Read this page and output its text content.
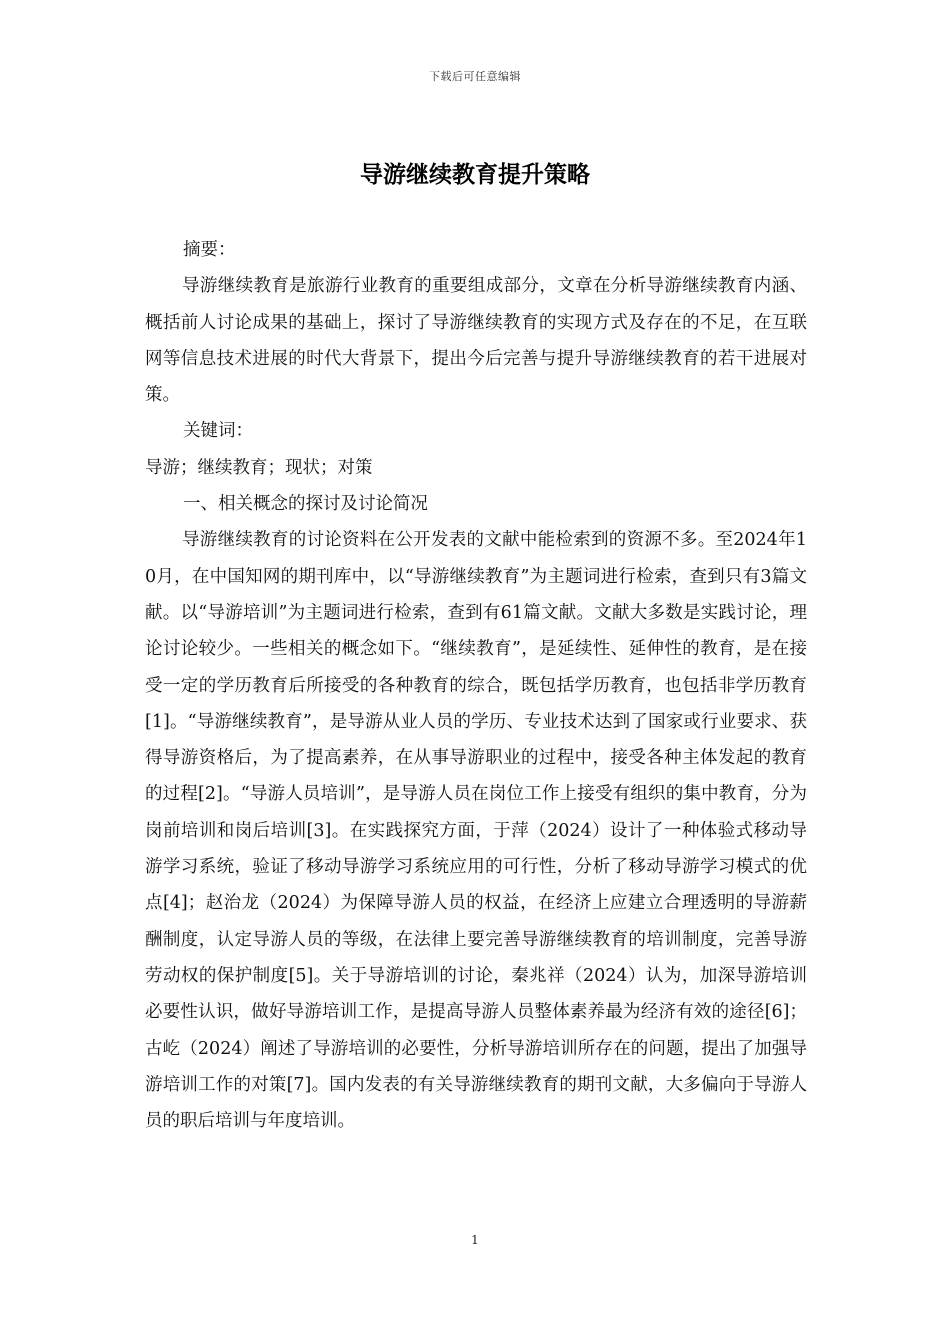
下载后可任意编辑
导游继续教育提升策略

摘要：

导游继续教育是旅游行业教育的重要组成部分，文章在分析导游继续教育内涵、概括前人讨论成果的基础上，探讨了导游继续教育的实现方式及存在的不足，在互联网等信息技术进展的时代大背景下，提出今后完善与提升导游继续教育的若干进展对策。

关键词：

导游；继续教育；现状；对策

一、相关概念的探讨及讨论简况

导游继续教育的讨论资料在公开发表的文献中能检索到的资源不多。至2024年10月，在中国知网的期刊库中，以“导游继续教育”为主题词进行检索，查到只有3篇文献。以“导游培训”为主题词进行检索，查到有61篇文献。文献大多数是实践讨论，理论讨论较少。一些相关的概念如下。“继续教育”，是延续性、延伸性的教育，是在接受一定的学历教育后所接受的各种教育的综合，既包括学历教育，也包括非学历教育[1]。“导游继续教育”，是导游从业人员的学历、专业技术达到了国家或行业要求、获得导游资格后，为了提高素养，在从事导游职业的过程中，接受各种主体发起的教育的过程[2]。“导游人员培训”，是导游人员在岗位工作上接受有组织的集中教育，分为岗前培训和岗后培训[3]。在实践探究方面，于萍（2024）设计了一种体验式移动导游学习系统，验证了移动导游学习系统应用的可行性，分析了移动导游学习模式的优点[4]；赵治龙（2024）为保障导游人员的权益，在经济上应建立合理透明的导游薪酬制度，认定导游人员的等级，在法律上要完善导游继续教育的培训制度，完善导游劳动权的保护制度[5]。关于导游培训的讨论，秦兆祥（2024）认为，加深导游培训必要性认识，做好导游培训工作，是提高导游人员整体素养最为经济有效的途径[6]；古屹（2024）阐述了导游培训的必要性，分析导游培训所存在的问题，提出了加强导游培训工作的对策[7]。国内发表的有关导游继续教育的期刊文献，大多偏向于导游人员的职后培训与年度培训。

1
